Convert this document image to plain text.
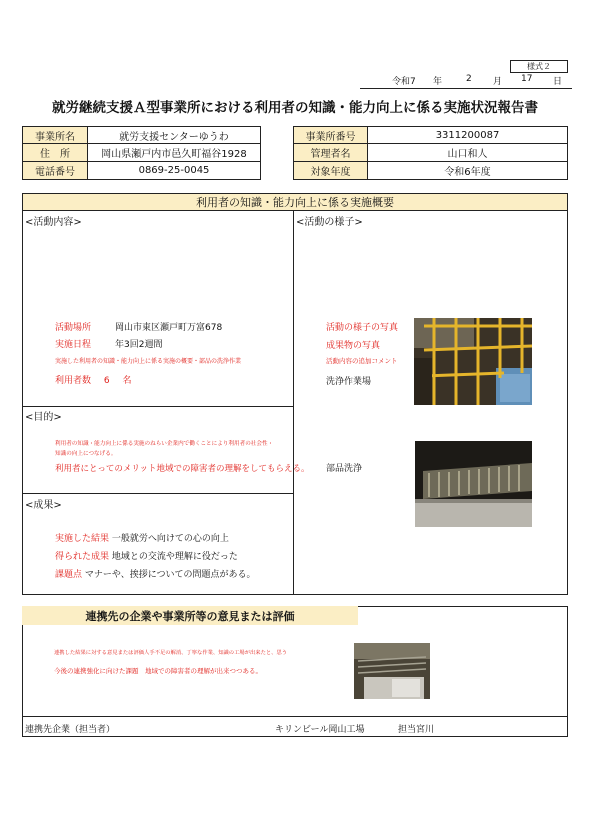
様式２
令和7 年	2 月 17 日
就労継続支援Ａ型事業所における利用者の知識・能力向上に係る実施状況報告書
事業所名	就労支援センターゆうわ
住　所	岡山県瀬戸内市邑久町福谷1928
電話番号	0869-25-0045
事業所番号	3311200087
管理者名	山口和人
対象年度	令和6年度
利用者の知識・能力向上に係る実施概要
<活動内容>
活動場所	岡山市東区瀬戸町万富678
実施日程	年3回2週間
実施した利用者の知識・能力向上に係る実施の概要・部品の洗浄作業
利用者数 6 名
<目的>
利用者の知識・能力向上に係る実施のねらい企業内で働くことにより利用者の社会性・
知識の向上につなげる。
利用者にとってのメリット地域での障害者の理解をしてもらえる。
<成果>
実施した結果 一般就労へ向けての心の向上
得られた成果 地域との交流や理解に役だった
課題点 マナーや、挨拶についての問題点がある。
<活動の様子>
活動の様子の写真
成果物の写真
活動内容の追加コメント
洗浄作業場
部品洗浄
連携先の企業や事業所等の意見または評価
連携した結果に対する意見または評価人手不足の解消、丁寧な作業、知識の工場が出来たと、思う
今後の連携強化に向けた課題　地域での障害者の理解が出来つつある。
連携先企業（担当者）	キリンビール岡山工場	担当宮川
